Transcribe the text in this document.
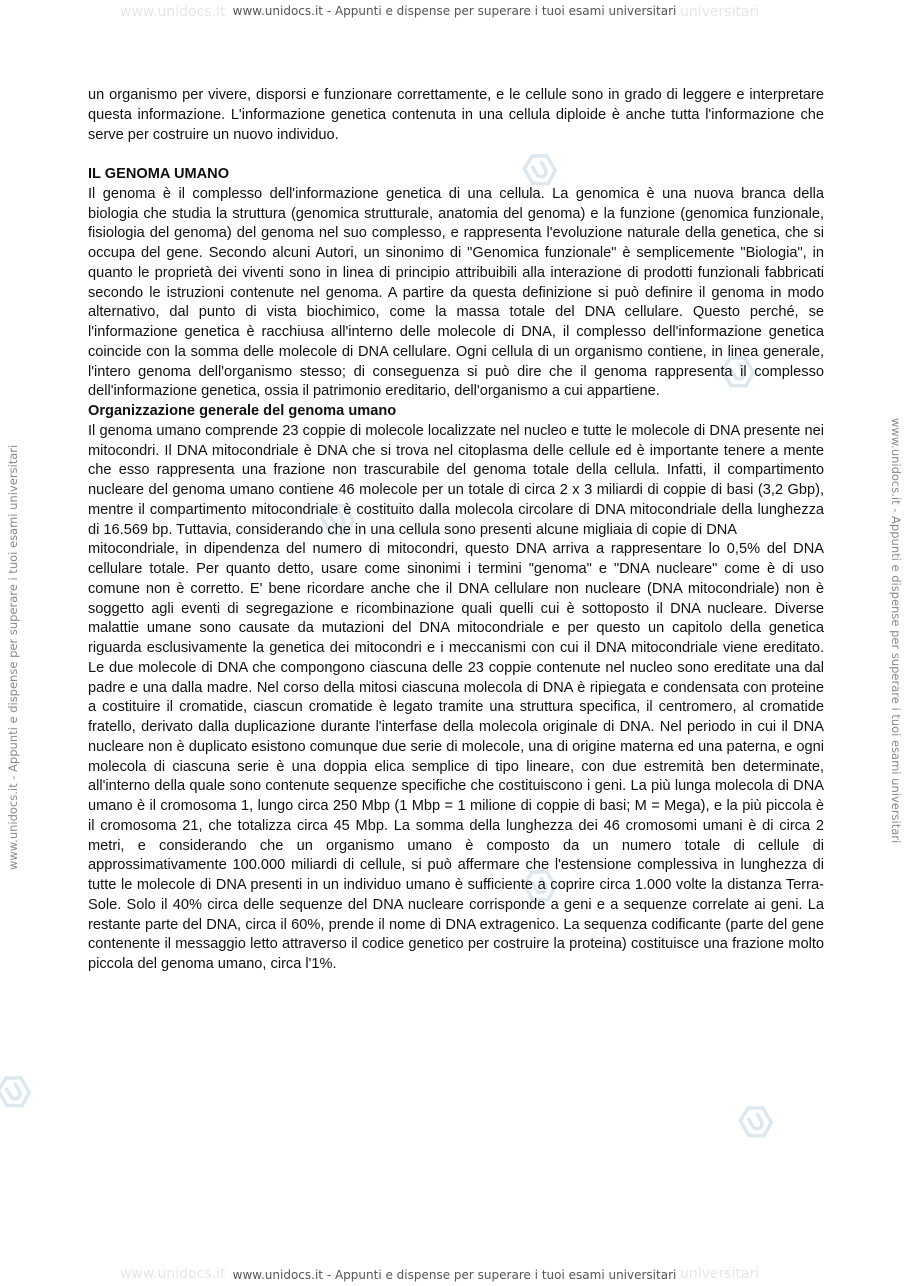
www.unidocs.it	universitari
www.unidocs.it - Appunti e dispense per superare i tuoi esami universitari
www.unidocs.it - Appunti e dispense per superare i tuoi esami universitari	www.unidocs.it - Appunti e dispense per superare i tuoi esami universitari

un organismo per vivere, disporsi e funzionare correttamente, e le cellule sono in grado di leggere e interpretare questa informazione. L'informazione genetica contenuta in una cellula diploide è anche tutta l'informazione che serve per costruire un nuovo individuo.

IL GENOMA UMANO

Il genoma è il complesso dell'informazione genetica di una cellula. La genomica è una nuova branca della biologia che studia la struttura (genomica strutturale, anatomia del genoma) e la funzione (genomica funzionale, fisiologia del genoma) del genoma nel suo complesso, e rappresenta l'evoluzione naturale della genetica, che si occupa del gene. Secondo alcuni Autori, un sinonimo di "Genomica funzionale" è semplicemente "Biologia", in quanto le proprietà dei viventi sono in linea di principio attribuibili alla interazione di prodotti funzionali fabbricati secondo le istruzioni contenute nel genoma. A partire da questa definizione si può definire il genoma in modo alternativo, dal punto di vista biochimico, come la massa totale del DNA cellulare. Questo perché, se l'informazione genetica è racchiusa all'interno delle molecole di DNA, il complesso dell'informazione genetica coincide con la somma delle molecole di DNA cellulare. Ogni cellula di un organismo contiene, in linea generale, l'intero genoma dell'organismo stesso; di conseguenza si può dire che il genoma rappresenta il complesso dell'informazione genetica, ossia il patrimonio ereditario, dell'organismo a cui appartiene.

Organizzazione generale del genoma umano

Il genoma umano comprende 23 coppie di molecole localizzate nel nucleo e tutte le molecole di DNA presente nei mitocondri. Il DNA mitocondriale è DNA che si trova nel citoplasma delle cellule ed è importante tenere a mente che esso rappresenta una frazione non trascurabile del genoma totale della cellula. Infatti, il compartimento nucleare del genoma umano contiene 46 molecole per un totale di circa 2 x 3 miliardi di coppie di basi (3,2 Gbp), mentre il compartimento mitocondriale è costituito dalla molecola circolare di DNA mitocondriale della lunghezza di 16.569 bp. Tuttavia, considerando che in una cellula sono presenti alcune migliaia di copie di DNA

mitocondriale, in dipendenza del numero di mitocondri, questo DNA arriva a rappresentare lo 0,5% del DNA cellulare totale. Per quanto detto, usare come sinonimi i termini "genoma" e "DNA nucleare" come è di uso comune non è corretto. E' bene ricordare anche che il DNA cellulare non nucleare (DNA mitocondriale) non è soggetto agli eventi di segregazione e ricombinazione quali quelli cui è sottoposto il DNA nucleare. Diverse malattie umane sono causate da mutazioni del DNA mitocondriale e per questo un capitolo della genetica riguarda esclusivamente la genetica dei mitocondri e i meccanismi con cui il DNA mitocondriale viene ereditato. Le due molecole di DNA che compongono ciascuna delle 23 coppie contenute nel nucleo sono ereditate una dal padre e una dalla madre. Nel corso della mitosi ciascuna molecola di DNA è ripiegata e condensata con proteine a costituire il cromatide, ciascun cromatide è legato tramite una struttura specifica, il centromero, al cromatide fratello, derivato dalla duplicazione durante l'interfase della molecola originale di DNA. Nel periodo in cui il DNA nucleare non è duplicato esistono comunque due serie di molecole, una di origine materna ed una paterna, e ogni molecola di ciascuna serie è una doppia elica semplice di tipo lineare, con due estremità ben determinate, all'interno della quale sono contenute sequenze specifiche che costituiscono i geni. La più lunga molecola di DNA umano è il cromosoma 1, lungo circa 250 Mbp (1 Mbp = 1 milione di coppie di basi; M = Mega), e la più piccola è il cromosoma 21, che totalizza circa 45 Mbp. La somma della lunghezza dei 46 cromosomi umani è di circa 2 metri, e considerando che un organismo umano è composto da un numero totale di cellule di approssimativamente 100.000 miliardi di cellule, si può affermare che l'estensione complessiva in lunghezza di tutte le molecole di DNA presenti in un individuo umano è sufficiente a coprire circa 1.000 volte la distanza Terra-Sole. Solo il 40% circa delle sequenze del DNA nucleare corrisponde a geni e a sequenze correlate ai geni. La restante parte del DNA, circa il 60%, prende il nome di DNA extragenico. La sequenza codificante (parte del gene contenente il messaggio letto attraverso il codice genetico per costruire la proteina) costituisce una frazione molto piccola del genoma umano, circa l'1%.

www.unidocs.it	universitari
www.unidocs.it - Appunti e dispense per superare i tuoi esami universitari
